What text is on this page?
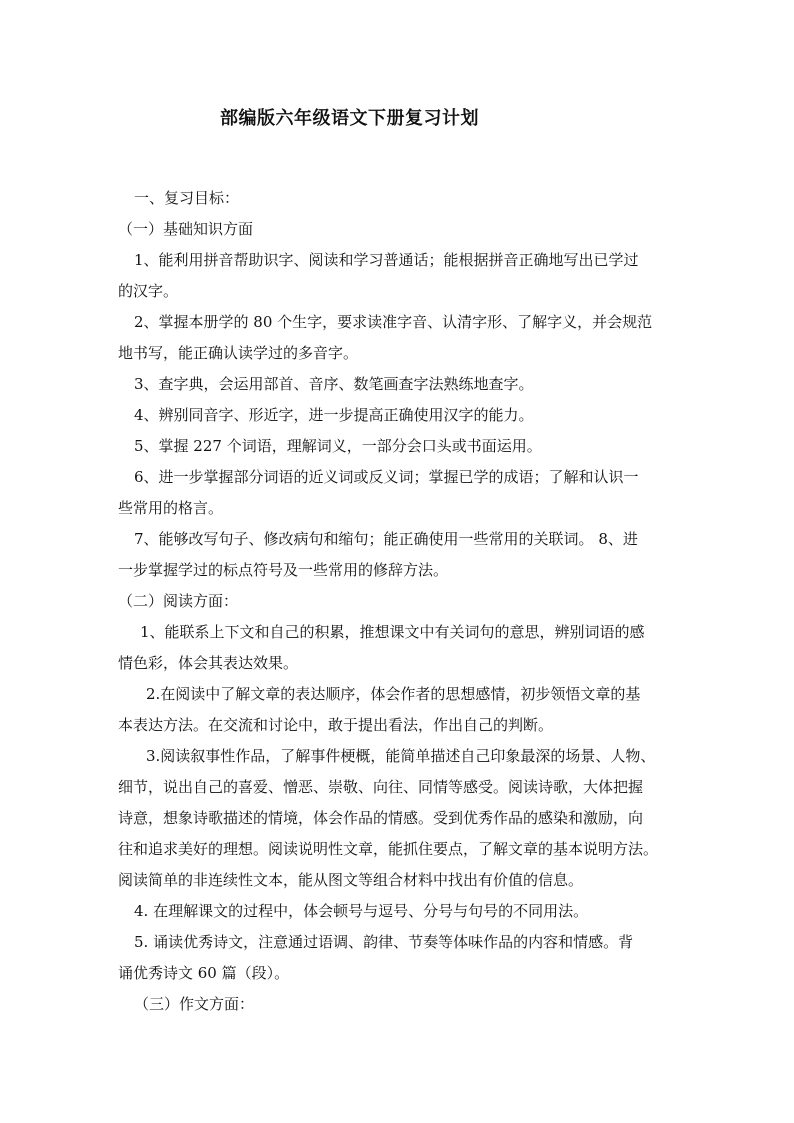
部编版六年级语文下册复习计划
一、复习目标：
（一）基础知识方面
1、能利用拼音帮助识字、阅读和学习普通话；能根据拼音正确地写出已学过
的汉字。
2、掌握本册学的 80 个生字，要求读准字音、认清字形、了解字义，并会规范
地书写，能正确认读学过的多音字。
3、查字典，会运用部首、音序、数笔画查字法熟练地查字。
4、辨别同音字、形近字，进一步提高正确使用汉字的能力。
5、掌握 227 个词语，理解词义，一部分会口头或书面运用。
6、进一步掌握部分词语的近义词或反义词；掌握已学的成语；了解和认识一
些常用的格言。
7、能够改写句子、修改病句和缩句；能正确使用一些常用的关联词。 8、进
一步掌握学过的标点符号及一些常用的修辞方法。
（二）阅读方面：
1、能联系上下文和自己的积累，推想课文中有关词句的意思，辨别词语的感
情色彩，体会其表达效果。
2.在阅读中了解文章的表达顺序，体会作者的思想感情，初步领悟文章的基
本表达方法。在交流和讨论中，敢于提出看法，作出自己的判断。
3.阅读叙事性作品，了解事件梗概，能简单描述自己印象最深的场景、人物、
细节，说出自己的喜爱、憎恶、崇敬、向往、同情等感受。阅读诗歌，大体把握
诗意，想象诗歌描述的情境，体会作品的情感。受到优秀作品的感染和激励，向
往和追求美好的理想。阅读说明性文章，能抓住要点，了解文章的基本说明方法。
阅读简单的非连续性文本，能从图文等组合材料中找出有价值的信息。
4. 在理解课文的过程中，体会顿号与逗号、分号与句号的不同用法。
5. 诵读优秀诗文，注意通过语调、韵律、节奏等体味作品的内容和情感。背
诵优秀诗文 60 篇（段）。
（三）作文方面：
